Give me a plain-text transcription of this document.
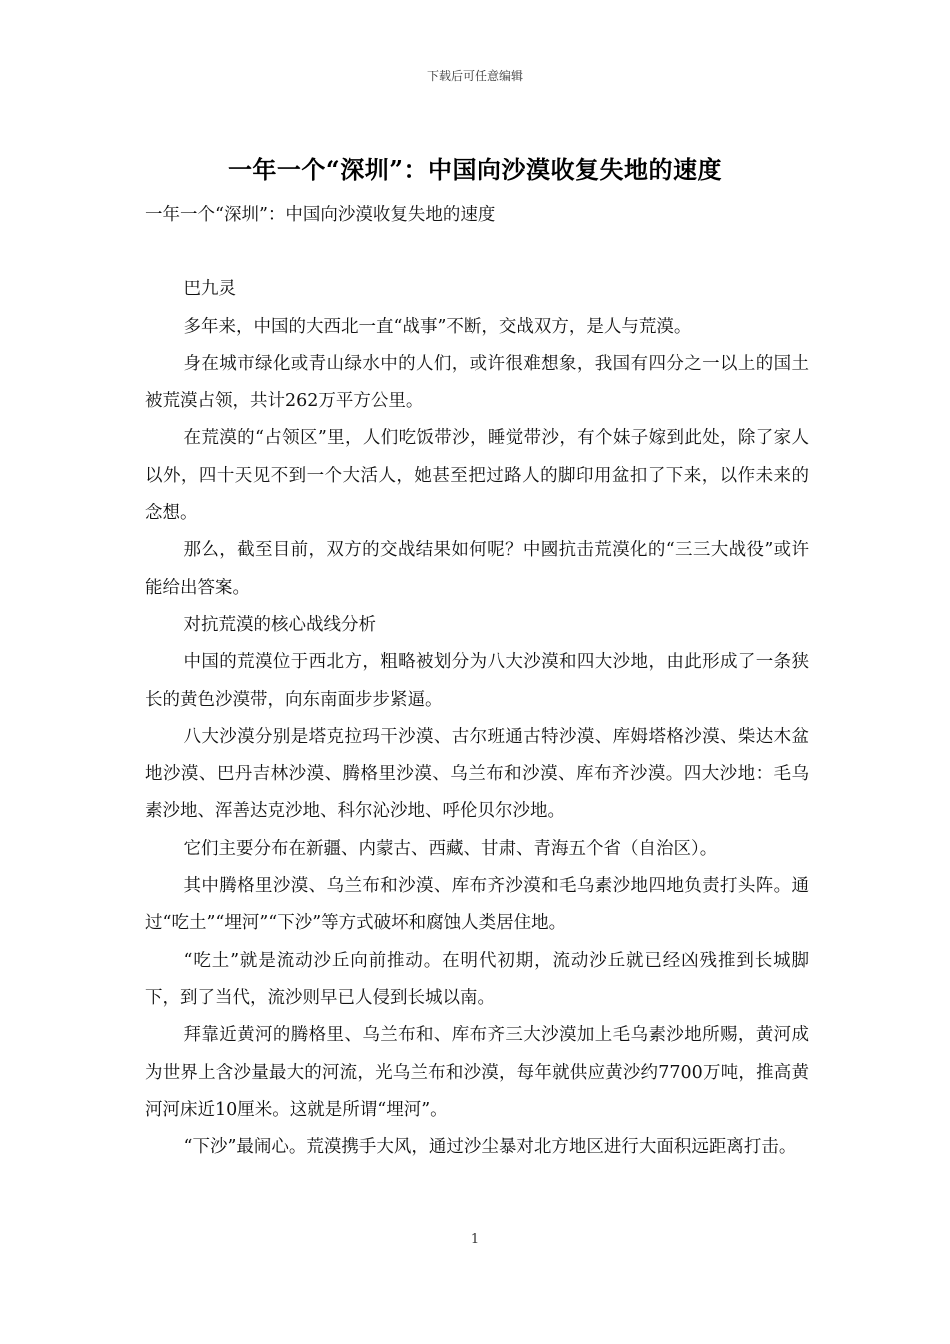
下载后可任意编辑
一年一个“深圳”：中国向沙漠收复失地的速度

一年一个“深圳”：中国向沙漠收复失地的速度

巴九灵

多年来，中国的大西北一直“战事”不断，交战双方，是人与荒漠。

身在城市绿化或青山绿水中的人们，或许很难想象，我国有四分之一以上的国土被荒漠占领，共计262万平方公里。

在荒漠的“占领区”里，人们吃饭带沙，睡觉带沙，有个妹子嫁到此处，除了家人以外，四十天见不到一个大活人，她甚至把过路人的脚印用盆扣了下来，以作未来的念想。

那么，截至目前，双方的交战结果如何呢？中國抗击荒漠化的“三三大战役”或许能给出答案。

对抗荒漠的核心战线分析

中国的荒漠位于西北方，粗略被划分为八大沙漠和四大沙地，由此形成了一条狭长的黄色沙漠带，向东南面步步紧逼。

八大沙漠分别是塔克拉玛干沙漠、古尔班通古特沙漠、库姆塔格沙漠、柴达木盆地沙漠、巴丹吉林沙漠、腾格里沙漠、乌兰布和沙漠、库布齐沙漠。四大沙地：毛乌素沙地、浑善达克沙地、科尔沁沙地、呼伦贝尔沙地。

它们主要分布在新疆、内蒙古、西藏、甘肃、青海五个省（自治区）。

其中腾格里沙漠、乌兰布和沙漠、库布齐沙漠和毛乌素沙地四地负责打头阵。通过“吃土”“埋河”“下沙”等方式破坏和腐蚀人类居住地。

“吃土”就是流动沙丘向前推动。在明代初期，流动沙丘就已经凶残推到长城脚下，到了当代，流沙则早已人侵到长城以南。

拜靠近黄河的腾格里、乌兰布和、库布齐三大沙漠加上毛乌素沙地所赐，黄河成为世界上含沙量最大的河流，光乌兰布和沙漠，每年就供应黄沙约7700万吨，推高黄河河床近10厘米。这就是所谓“埋河”。

“下沙”最闹心。荒漠携手大风，通过沙尘暴对北方地区进行大面积远距离打击。

1
